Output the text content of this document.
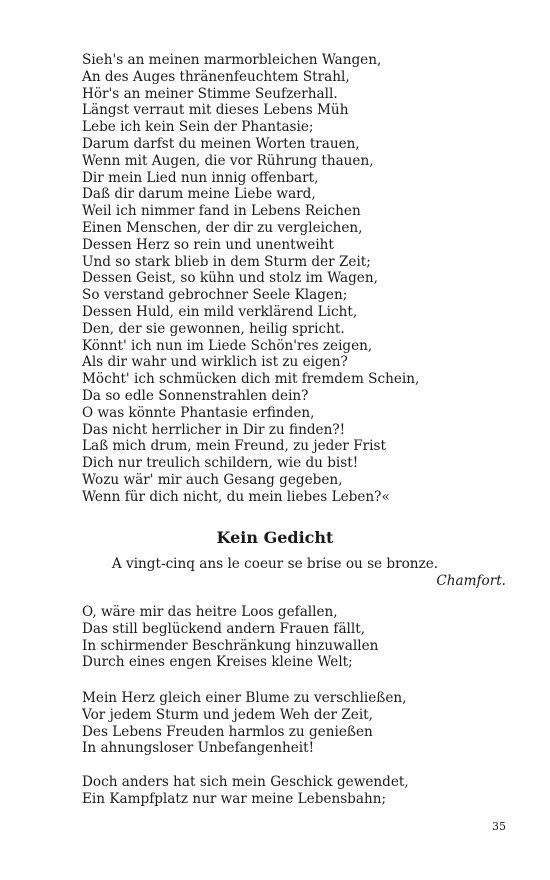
Sieh's an meinen marmorbleichen Wangen,
An des Auges thränenfeuchtem Strahl,
Hör's an meiner Stimme Seufzerhall.
Längst verraut mit dieses Lebens Müh
Lebe ich kein Sein der Phantasie;
Darum darfst du meinen Worten trauen,
Wenn mit Augen, die vor Rührung thauen,
Dir mein Lied nun innig offenbart,
Daß dir darum meine Liebe ward,
Weil ich nimmer fand in Lebens Reichen
Einen Menschen, der dir zu vergleichen,
Dessen Herz so rein und unentweiht
Und so stark blieb in dem Sturm der Zeit;
Dessen Geist, so kühn und stolz im Wagen,
So verstand gebrochner Seele Klagen;
Dessen Huld, ein mild verklärend Licht,
Den, der sie gewonnen, heilig spricht.
Könnt' ich nun im Liede Schön'res zeigen,
Als dir wahr und wirklich ist zu eigen?
Möcht' ich schmücken dich mit fremdem Schein,
Da so edle Sonnenstrahlen dein?
O was könnte Phantasie erfinden,
Das nicht herrlicher in Dir zu finden?!
Laß mich drum, mein Freund, zu jeder Frist
Dich nur treulich schildern, wie du bist!
Wozu wär' mir auch Gesang gegeben,
Wenn für dich nicht, du mein liebes Leben?«
Kein Gedicht
A vingt-cinq ans le coeur se brise ou se bronze.
Chamfort.
O, wäre mir das heitre Loos gefallen,
Das still beglückend andern Frauen fällt,
In schirmender Beschränkung hinzuwallen
Durch eines engen Kreises kleine Welt;
Mein Herz gleich einer Blume zu verschließen,
Vor jedem Sturm und jedem Weh der Zeit,
Des Lebens Freuden harmlos zu genießen
In ahnungsloser Unbefangenheit!
Doch anders hat sich mein Geschick gewendet,
Ein Kampfplatz nur war meine Lebensbahn;
35
